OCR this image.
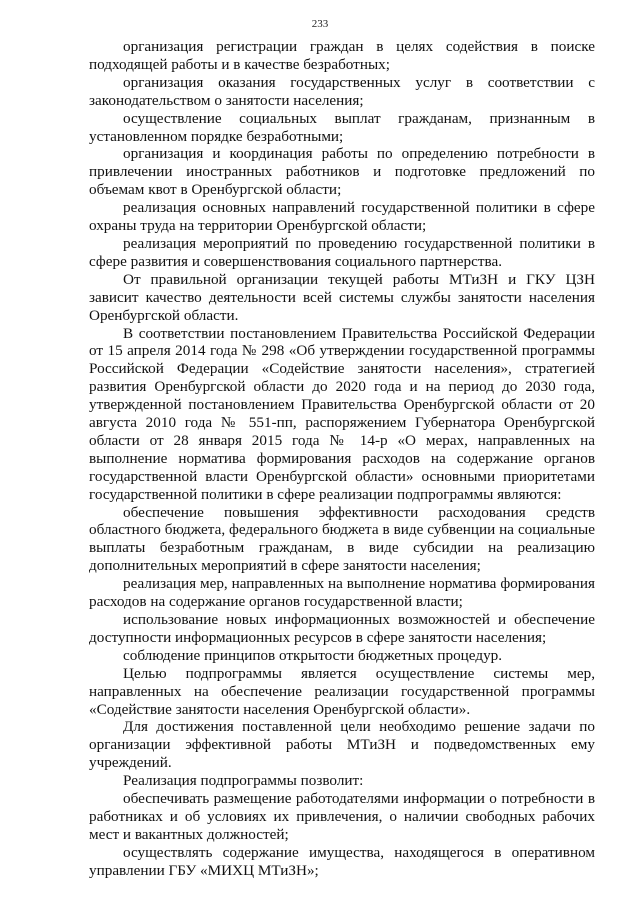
233

организация регистрации граждан в целях содействия в поиске подходящей работы и в качестве безработных;

организация оказания государственных услуг в соответствии с законодательством о занятости населения;

осуществление социальных выплат гражданам, признанным в установленном порядке безработными;

организация и координация работы по определению потребности в привлечении иностранных работников и подготовке предложений по объемам квот в Оренбургской области;

реализация основных направлений государственной политики в сфере охраны труда на территории Оренбургской области;

реализация мероприятий по проведению государственной политики в сфере развития и совершенствования социального партнерства.

От правильной организации текущей работы МТиЗН и ГКУ ЦЗН зависит качество деятельности всей системы службы занятости населения Оренбургской области.

В соответствии постановлением Правительства Российской Федерации от 15 апреля 2014 года № 298 «Об утверждении государственной программы Российской Федерации «Содействие занятости населения», стратегией развития Оренбургской области до 2020 года и на период до 2030 года, утвержденной постановлением Правительства Оренбургской области от 20 августа 2010 года № 551-пп, распоряжением Губернатора Оренбургской области от 28 января 2015 года № 14-р «О мерах, направленных на выполнение норматива формирования расходов на содержание органов государственной власти Оренбургской области» основными приоритетами государственной политики в сфере реализации подпрограммы являются:

обеспечение повышения эффективности расходования средств областного бюджета, федерального бюджета в виде субвенции на социальные выплаты безработным гражданам, в виде субсидии на реализацию дополнительных мероприятий в сфере занятости населения;

реализация мер, направленных на выполнение норматива формирования расходов на содержание органов государственной власти;

использование новых информационных возможностей и обеспечение доступности информационных ресурсов в сфере занятости населения;

соблюдение принципов открытости бюджетных процедур.

Целью подпрограммы является осуществление системы мер, направленных на обеспечение реализации государственной программы «Содействие занятости населения Оренбургской области».

Для достижения поставленной цели необходимо решение задачи по организации эффективной работы МТиЗН и подведомственных ему учреждений.

Реализация подпрограммы позволит:

обеспечивать размещение работодателями информации о потребности в работниках и об условиях их привлечения, о наличии свободных рабочих мест и вакантных должностей;

осуществлять содержание имущества, находящегося в оперативном управлении ГБУ «МИХЦ МТиЗН»;
